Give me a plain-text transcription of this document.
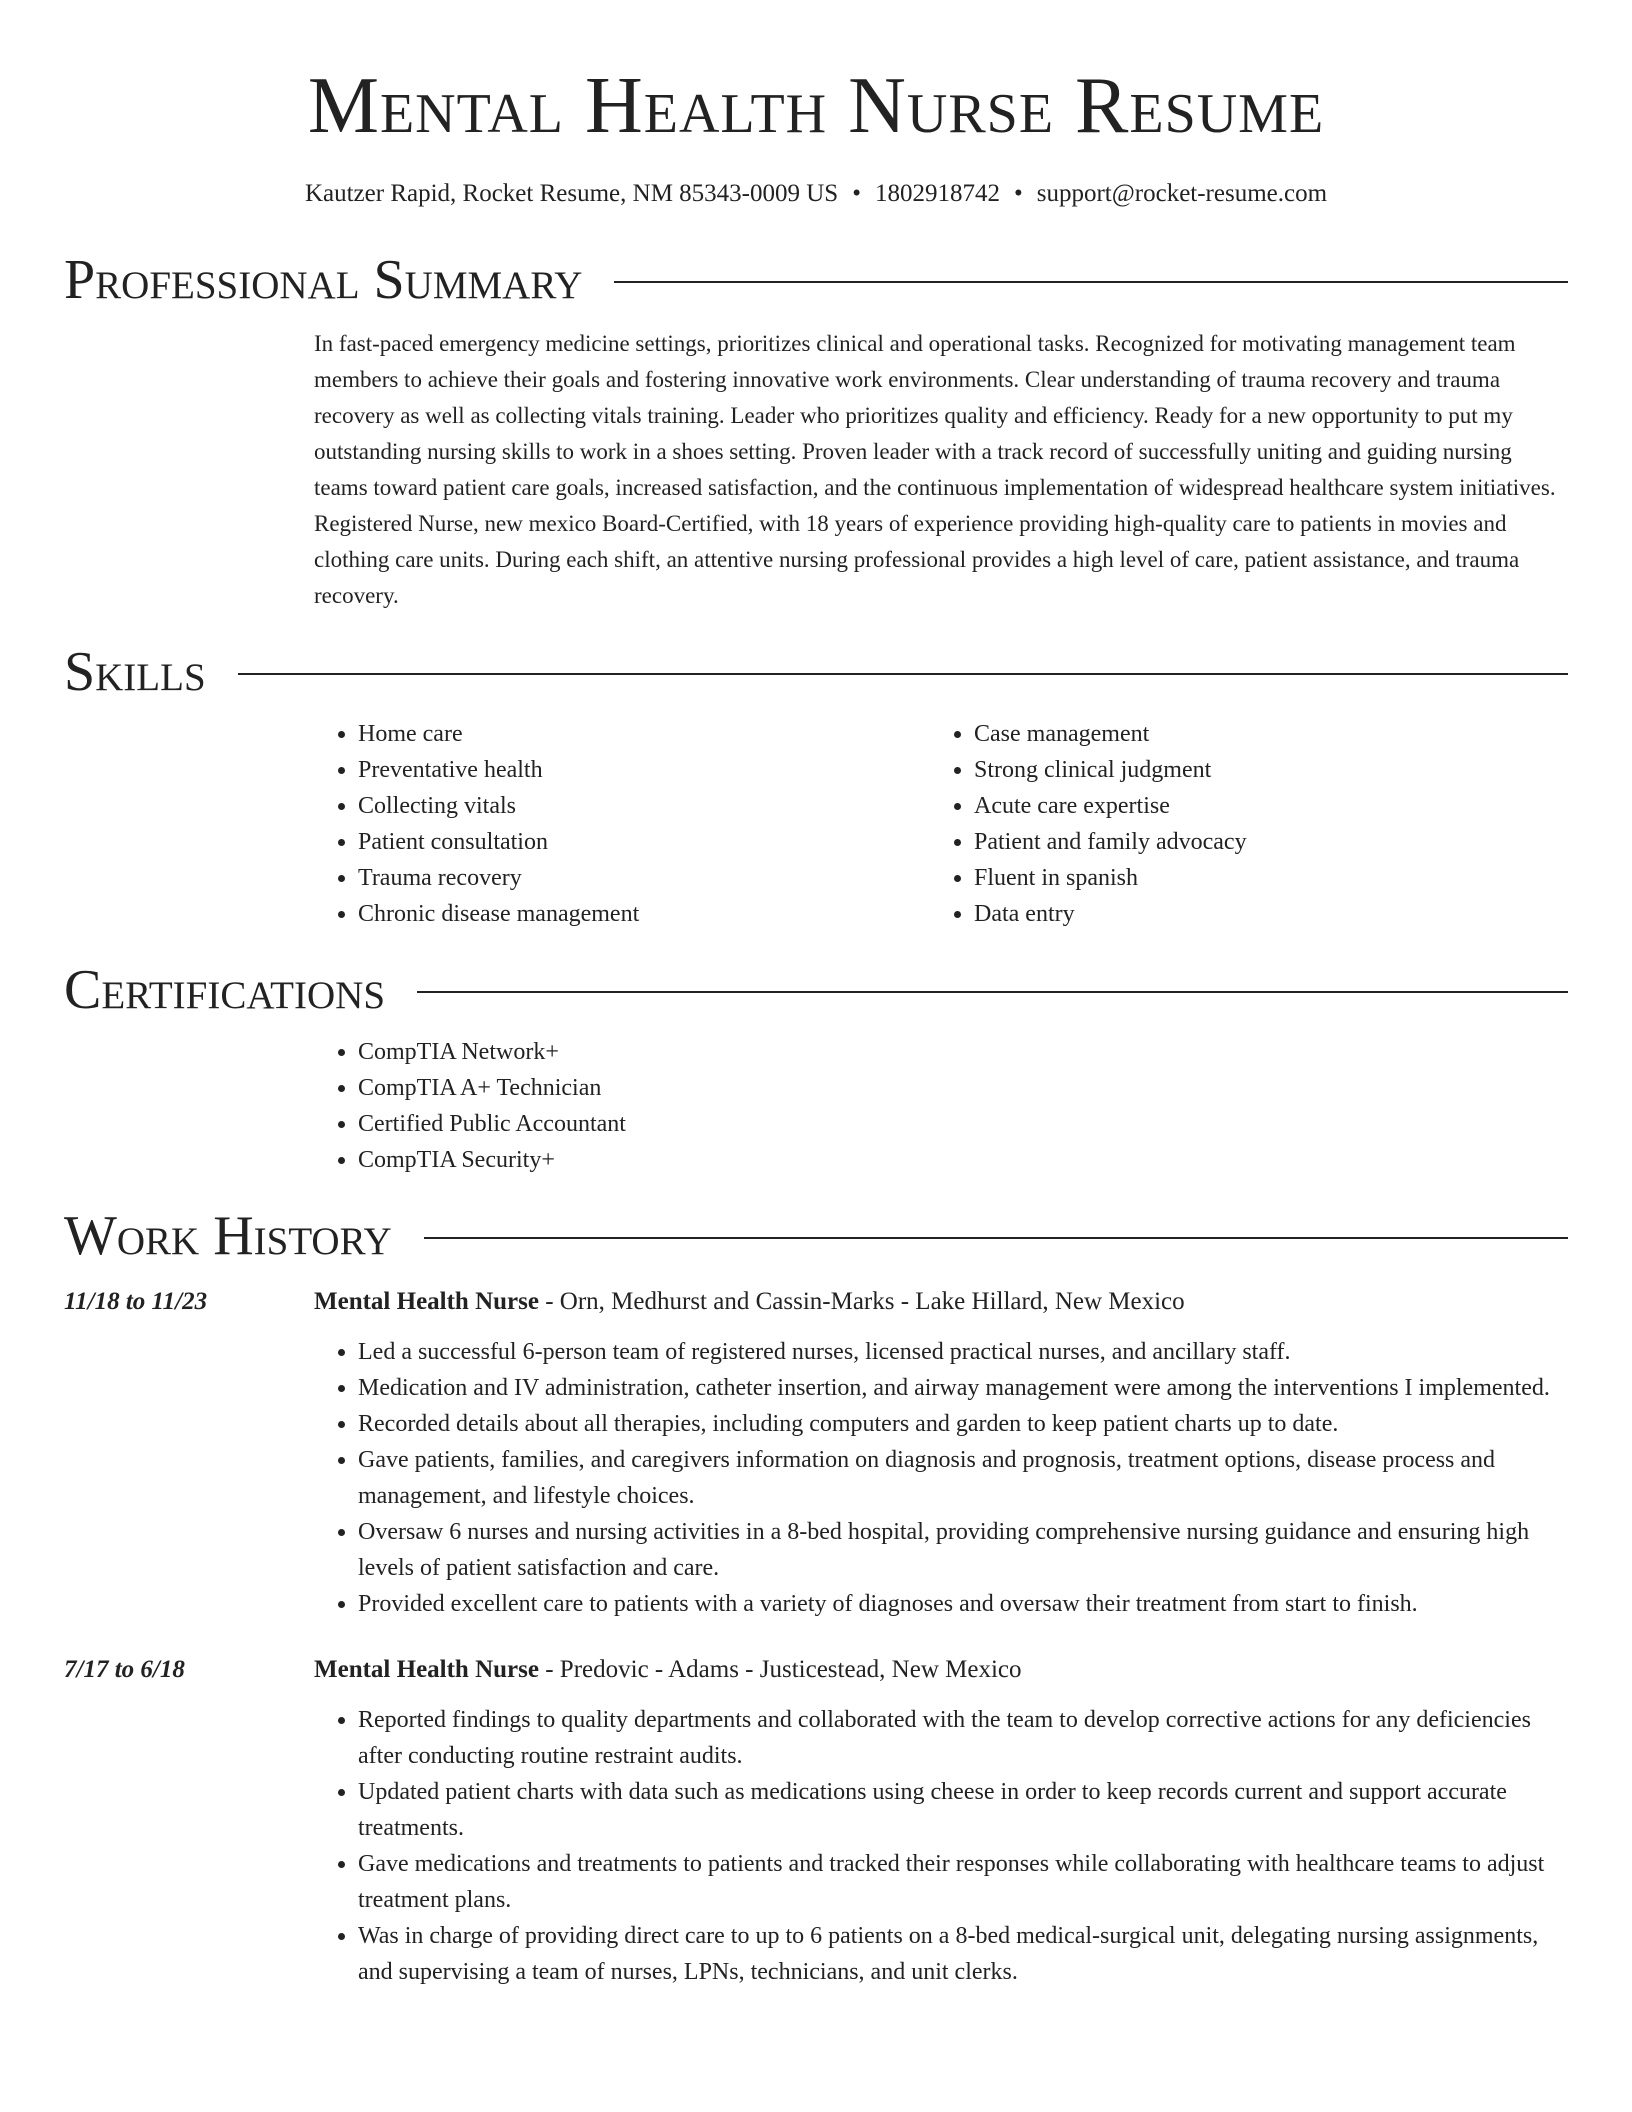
Mental Health Nurse Resume
Kautzer Rapid, Rocket Resume, NM 85343-0009 US • 1802918742 • support@rocket-resume.com
Professional Summary
In fast-paced emergency medicine settings, prioritizes clinical and operational tasks. Recognized for motivating management team members to achieve their goals and fostering innovative work environments. Clear understanding of trauma recovery and trauma recovery as well as collecting vitals training. Leader who prioritizes quality and efficiency. Ready for a new opportunity to put my outstanding nursing skills to work in a shoes setting. Proven leader with a track record of successfully uniting and guiding nursing teams toward patient care goals, increased satisfaction, and the continuous implementation of widespread healthcare system initiatives. Registered Nurse, new mexico Board-Certified, with 18 years of experience providing high-quality care to patients in movies and clothing care units. During each shift, an attentive nursing professional provides a high level of care, patient assistance, and trauma recovery.
Skills
• Home care
• Preventative health
• Collecting vitals
• Patient consultation
• Trauma recovery
• Chronic disease management
• Case management
• Strong clinical judgment
• Acute care expertise
• Patient and family advocacy
• Fluent in spanish
• Data entry
Certifications
• CompTIA Network+
• CompTIA A+ Technician
• Certified Public Accountant
• CompTIA Security+
Work History
11/18 to 11/23	Mental Health Nurse - Orn, Medhurst and Cassin-Marks - Lake Hillard, New Mexico
• Led a successful 6-person team of registered nurses, licensed practical nurses, and ancillary staff.
• Medication and IV administration, catheter insertion, and airway management were among the interventions I implemented.
• Recorded details about all therapies, including computers and garden to keep patient charts up to date.
• Gave patients, families, and caregivers information on diagnosis and prognosis, treatment options, disease process and management, and lifestyle choices.
• Oversaw 6 nurses and nursing activities in a 8-bed hospital, providing comprehensive nursing guidance and ensuring high levels of patient satisfaction and care.
• Provided excellent care to patients with a variety of diagnoses and oversaw their treatment from start to finish.
7/17 to 6/18	Mental Health Nurse - Predovic - Adams - Justicestead, New Mexico
• Reported findings to quality departments and collaborated with the team to develop corrective actions for any deficiencies after conducting routine restraint audits.
• Updated patient charts with data such as medications using cheese in order to keep records current and support accurate treatments.
• Gave medications and treatments to patients and tracked their responses while collaborating with healthcare teams to adjust treatment plans.
• Was in charge of providing direct care to up to 6 patients on a 8-bed medical-surgical unit, delegating nursing assignments, and supervising a team of nurses, LPNs, technicians, and unit clerks.
